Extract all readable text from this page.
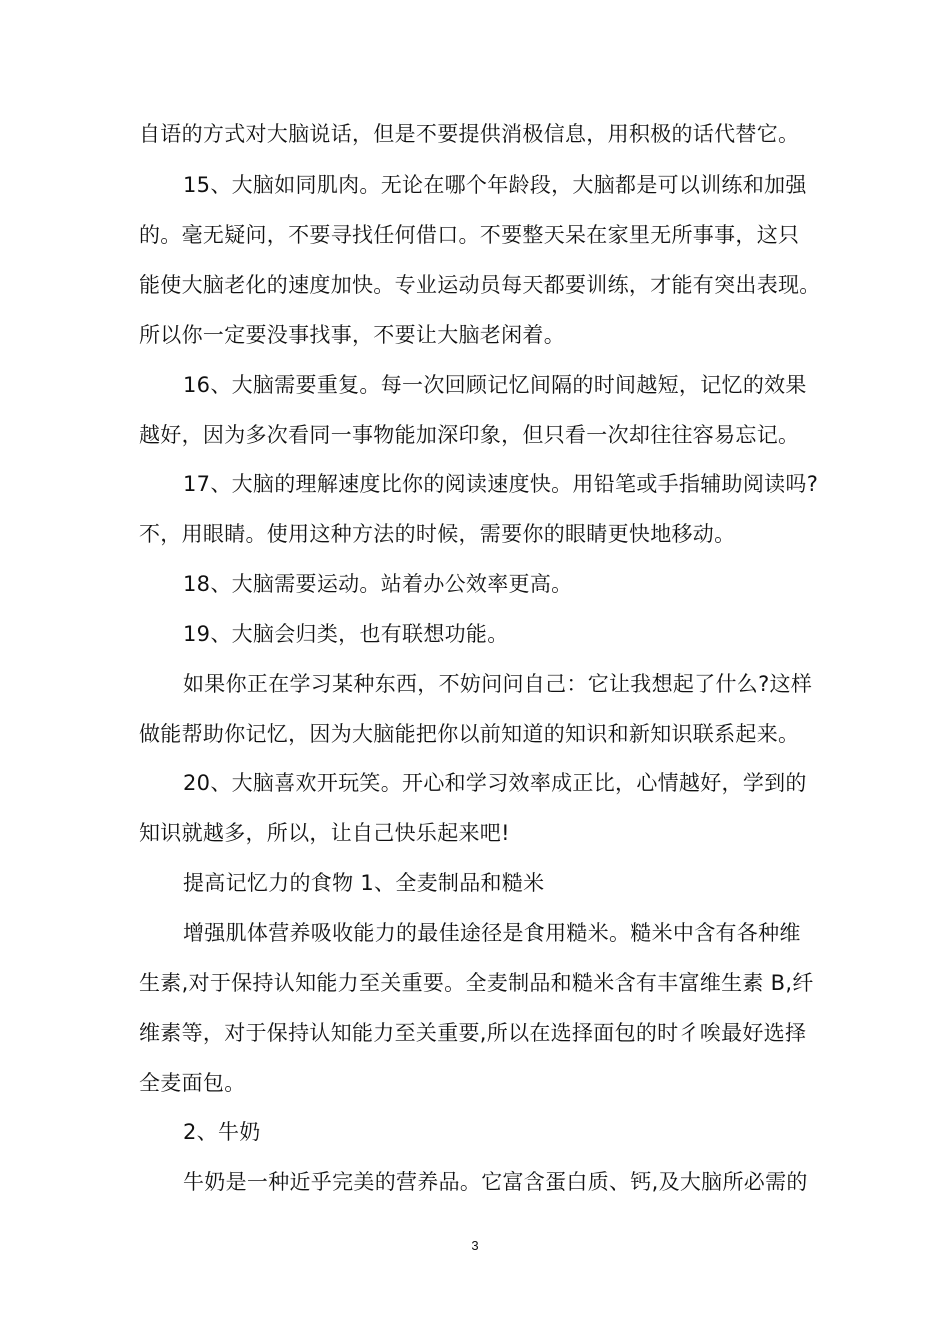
自语的方式对大脑说话，但是不要提供消极信息，用积极的话代替它。
15、大脑如同肌肉。无论在哪个年龄段，大脑都是可以训练和加强
的。毫无疑问，不要寻找任何借口。不要整天呆在家里无所事事，这只
能使大脑老化的速度加快。专业运动员每天都要训练，才能有突出表现。
所以你一定要没事找事，不要让大脑老闲着。
16、大脑需要重复。每一次回顾记忆间隔的时间越短，记忆的效果
越好，因为多次看同一事物能加深印象，但只看一次却往往容易忘记。
17、大脑的理解速度比你的阅读速度快。用铅笔或手指辅助阅读吗?
不，用眼睛。使用这种方法的时候，需要你的眼睛更快地移动。
18、大脑需要运动。站着办公效率更高。
19、大脑会归类，也有联想功能。
如果你正在学习某种东西，不妨问问自己：它让我想起了什么?这样
做能帮助你记忆，因为大脑能把你以前知道的知识和新知识联系起来。
20、大脑喜欢开玩笑。开心和学习效率成正比，心情越好，学到的
知识就越多，所以，让自己快乐起来吧!
提高记忆力的食物 1、全麦制品和糙米
增强肌体营养吸收能力的最佳途径是食用糙米。糙米中含有各种维
生素,对于保持认知能力至关重要。全麦制品和糙米含有丰富维生素 B,纤
维素等，对于保持认知能力至关重要,所以在选择面包的时彳唉最好选择
全麦面包。
2、牛奶
牛奶是一种近乎完美的营养品。它富含蛋白质、钙,及大脑所必需的
3
